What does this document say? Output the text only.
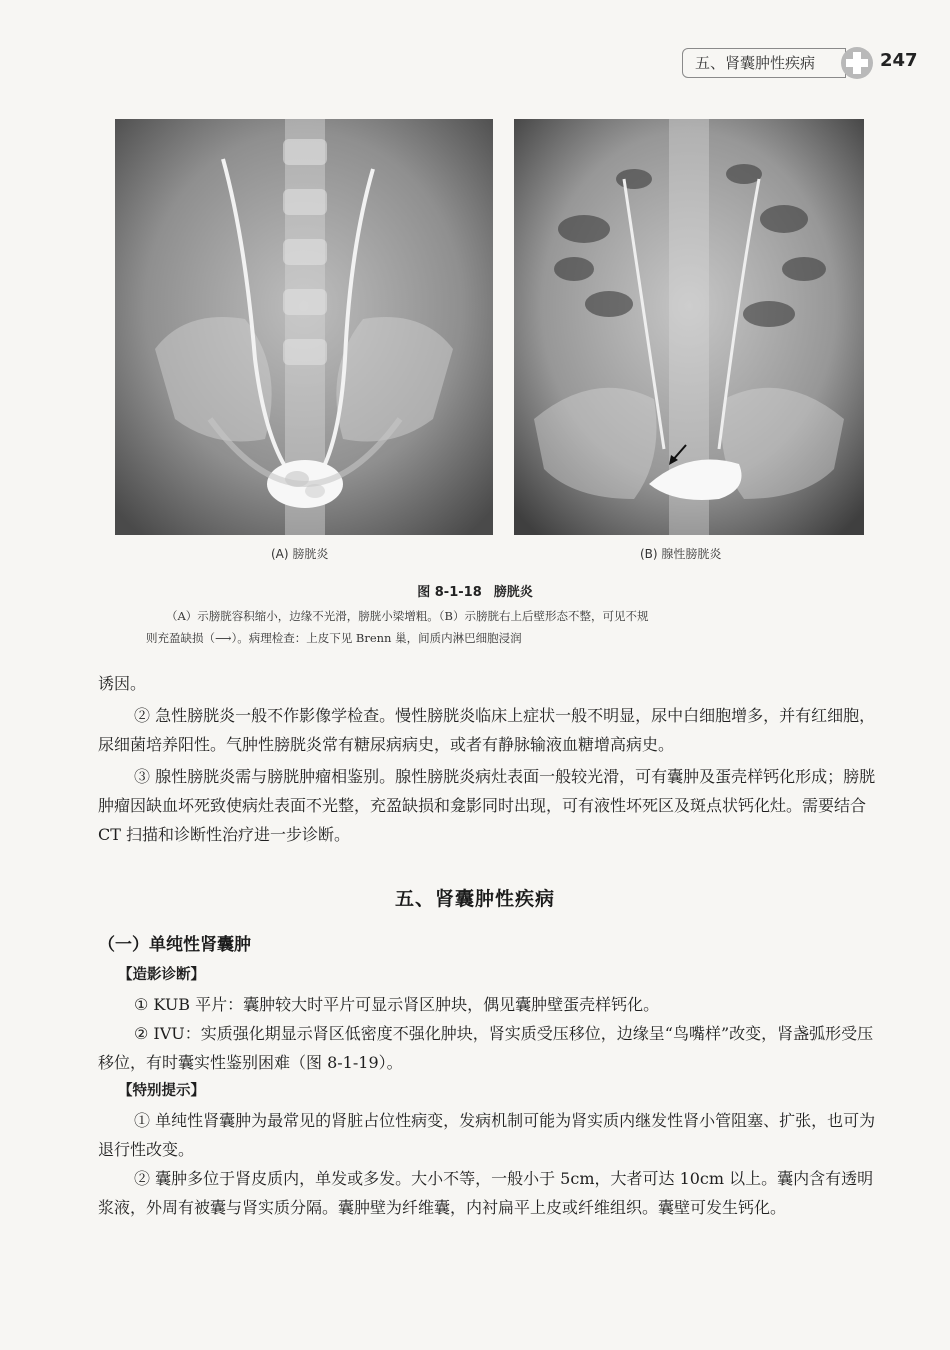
五、肾囊肿性疾病	247
(A) 膀胱炎	(B) 腺性膀胱炎
图 8-1-18 膀胱炎

（A）示膀胱容积缩小，边缘不光滑，膀胱小梁增粗。（B）示膀胱右上后壁形态不整，可见不规

则充盈缺损（⟶）。病理检查：上皮下见 Brenn 巢，间质内淋巴细胞浸润

诱因。

② 急性膀胱炎一般不作影像学检查。慢性膀胱炎临床上症状一般不明显，尿中白细胞增多，并有红细胞，尿细菌培养阳性。气肿性膀胱炎常有糖尿病病史，或者有静脉输液血糖增高病史。

③ 腺性膀胱炎需与膀胱肿瘤相鉴别。腺性膀胱炎病灶表面一般较光滑，可有囊肿及蛋壳样钙化形成；膀胱肿瘤因缺血坏死致使病灶表面不光整，充盈缺损和龛影同时出现，可有液性坏死区及斑点状钙化灶。需要结合 CT 扫描和诊断性治疗进一步诊断。

五、肾囊肿性疾病
（一）单纯性肾囊肿

【造影诊断】

① KUB 平片：囊肿较大时平片可显示肾区肿块，偶见囊肿壁蛋壳样钙化。

② IVU：实质强化期显示肾区低密度不强化肿块，肾实质受压移位，边缘呈“鸟嘴样”改变，肾盏弧形受压移位，有时囊实性鉴别困难（图 8-1-19）。

【特别提示】

① 单纯性肾囊肿为最常见的肾脏占位性病变，发病机制可能为肾实质内继发性肾小管阻塞、扩张，也可为退行性改变。

② 囊肿多位于肾皮质内，单发或多发。大小不等，一般小于 5cm，大者可达 10cm 以上。囊内含有透明浆液，外周有被囊与肾实质分隔。囊肿壁为纤维囊，内衬扁平上皮或纤维组织。囊壁可发生钙化。
